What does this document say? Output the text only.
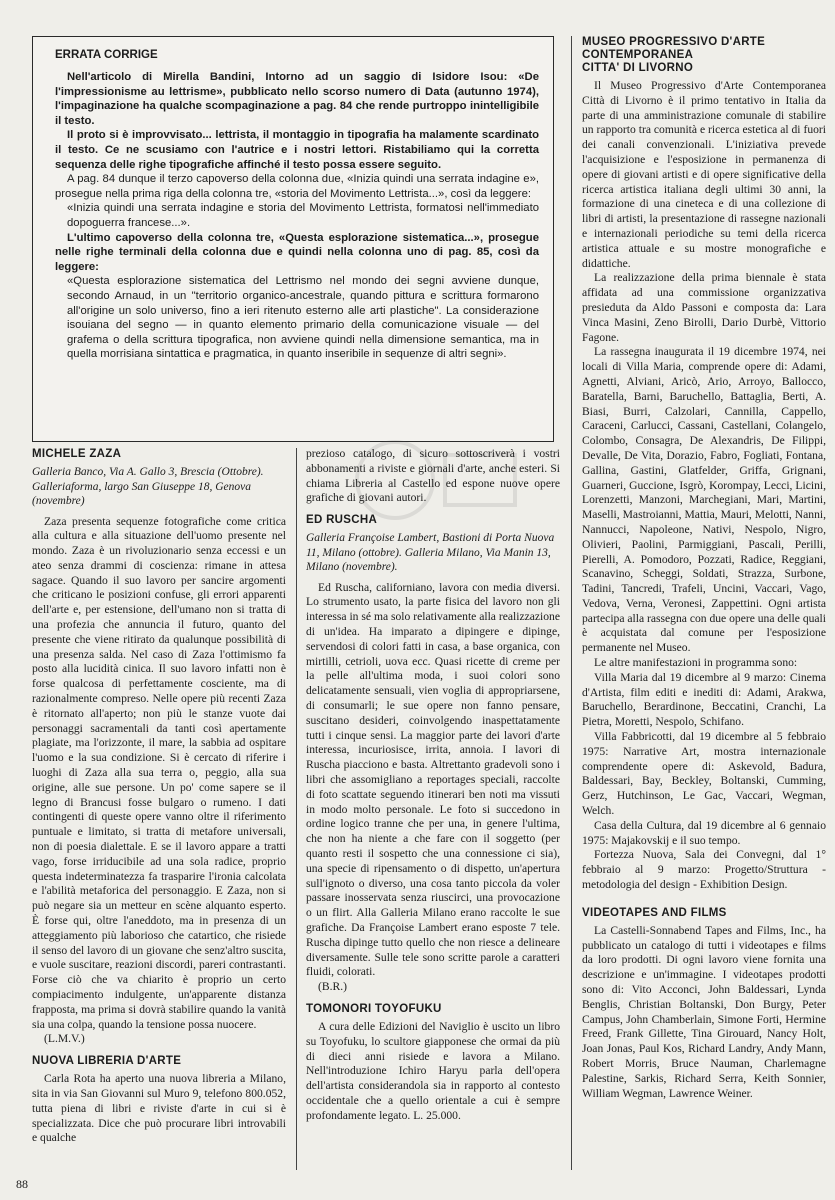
ERRATA CORRIGE

Nell'articolo di Mirella Bandini, Intorno ad un saggio di Isidore Isou: «De l'impressionisme au lettrisme», pubblicato nello scorso numero di Data (autunno 1974), l'impaginazione ha qualche scompaginazione a pag. 84 che rende purtroppo inintelligibile il testo.

Il proto si è improvvisato... lettrista, il montaggio in tipografia ha malamente scardinato il testo. Ce ne scusiamo con l'autrice e i nostri lettori. Ristabiliamo qui la corretta sequenza delle righe tipografiche affinché il testo possa essere seguito.

A pag. 84 dunque il terzo capoverso della colonna due, «Inizia quindi una serrata indagine e», prosegue nella prima riga della colonna tre, «storia del Movimento Lettrista...», così da leggere:

«Inizia quindi una serrata indagine e storia del Movimento Lettrista, formatosi nell'immediato dopoguerra francese...».

L'ultimo capoverso della colonna tre, «Questa esplorazione sistematica...», prosegue nelle righe terminali della colonna due e quindi nella colonna uno di pag. 85, così da leggere:

«Questa esplorazione sistematica del Lettrismo nel mondo dei segni avviene dunque, secondo Arnaud, in un "territorio organico-ancestrale, quando pittura e scrittura formarono all'origine un solo universo, fino a ieri ritenuto esterno alle arti plastiche". La considerazione isouiana del segno — in quanto elemento primario della comunicazione visuale — del grafema o della scrittura tipografica, non avviene quindi nella dimensione semantica, ma in quella morrisiana sintattica e pragmatica, in quanto inseribile in sequenze di altri segni».

MICHELE ZAZA

Galleria Banco, Via A. Gallo 3, Brescia (Ottobre). Galleriaforma, largo San Giuseppe 18, Genova (novembre)

Zaza presenta sequenze fotografiche come critica alla cultura e alla situazione dell'uomo presente nel mondo. Zaza è un rivoluzionario senza eccessi e un ateo senza drammi di coscienza: rimane in attesa sagace. Quando il suo lavoro per sancire argomenti che criticano le posizioni confuse, gli errori apparenti dell'arte e, per estensione, dell'umano non si tratta di una profezia che annuncia il futuro, quanto del presente che viene ritirato da qualunque possibilità di una presenza salda. Nel caso di Zaza l'ottimismo fa posto alla lucidità cinica. Il suo lavoro infatti non è forse qualcosa di perfettamente cosciente, ma di razionalmente compreso. Nelle opere più recenti Zaza è ritornato all'aperto; non più le stanze vuote dai personaggi sacramentali da tanti così apertamente plagiate, ma l'orizzonte, il mare, la sabbia ad ospitare l'uomo e la sua condizione. Si è cercato di riferire i luoghi di Zaza alla sua terra o, peggio, alla sua origine, alle sue persone. Un po' come sapere se il legno di Brancusi fosse bulgaro o rumeno. I dati contingenti di queste opere vanno oltre il riferimento puntuale e limitato, si tratta di metafore universali, non di poesia dialettale. E se il lavoro appare a tratti vago, forse irriducibile ad una sola radice, proprio questa indeterminatezza fa trasparire l'ironia calcolata e l'abilità metaforica del personaggio. E Zaza, non si può negare sia un metteur en scène alquanto esperto. È forse qui, oltre l'aneddoto, ma in presenza di un atteggiamento più laborioso che catartico, che risiede il senso del lavoro di un giovane che senz'altro suscita, e vuole suscitare, reazioni discordi, pareri contrastanti. Forse ciò che va chiarito è proprio un certo compiacimento indulgente, un'apparente distanza frapposta, ma prima si dovrà stabilire quando la vanità sia una colpa, quando la tensione possa nuocere.

(L.M.V.)

NUOVA LIBRERIA D'ARTE

Carla Rota ha aperto una nuova libreria a Milano, sita in via San Giovanni sul Muro 9, telefono 800.052, tutta piena di libri e riviste d'arte in cui si è specializzata. Dice che può procurare libri introvabili e qualche

prezioso catalogo, di sicuro sottoscriverà i vostri abbonamenti a riviste e giornali d'arte, anche esteri. Si chiama Libreria al Castello ed espone nuove opere grafiche di giovani autori.

ED RUSCHA

Galleria Françoise Lambert, Bastioni di Porta Nuova 11, Milano (ottobre). Galleria Milano, Via Manin 13, Milano (novembre).

Ed Ruscha, californiano, lavora con media diversi. Lo strumento usato, la parte fisica del lavoro non gli interessa in sé ma solo relativamente alla realizzazione di un'idea. Ha imparato a dipingere e dipinge, servendosi di colori fatti in casa, a base organica, con mirtilli, cetrioli, uova ecc. Quasi ricette di creme per la pelle all'ultima moda, i suoi colori sono delicatamente sensuali, vien voglia di appropriarsene, di consumarli; le sue opere non fanno pensare, suscitano desideri, coinvolgendo inaspettatamente tutti i cinque sensi. La maggior parte dei lavori d'arte interessa, incuriosisce, irrita, annoia. I lavori di Ruscha piacciono e basta. Altrettanto gradevoli sono i libri che assomigliano a reportages speciali, raccolte di foto scattate seguendo itinerari ben noti ma vissuti in modo molto personale. Le foto si succedono in ordine logico tranne che per una, in genere l'ultima, che non ha niente a che fare con il soggetto (per quanto resti il sospetto che una connessione ci sia), una specie di ripensamento o di dispetto, un'apertura sull'ignoto o diverso, una cosa tanto piccola da voler passare inosservata senza riuscirci, una provocazione o un flirt. Alla Galleria Milano erano raccolte le sue grafiche. Da Françoise Lambert erano esposte 7 tele. Ruscha dipinge tutto quello che non riesce a delineare diversamente. Sulle tele sono scritte parole a caratteri fluidi, colorati.

(B.R.)

TOMONORI TOYOFUKU

A cura delle Edizioni del Naviglio è uscito un libro su Toyofuku, lo scultore giapponese che ormai da più di dieci anni risiede e lavora a Milano. Nell'introduzione Ichiro Haryu parla dell'opera dell'artista considerandola sia in rapporto al contesto occidentale che a quello orientale a cui è sempre profondamente legato. L. 25.000.

MUSEO PROGRESSIVO D'ARTE
CONTEMPORANEA
CITTA' DI LIVORNO

Il Museo Progressivo d'Arte Contemporanea Città di Livorno è il primo tentativo in Italia da parte di una amministrazione comunale di stabilire un rapporto tra comunità e ricerca estetica al di fuori dei canali convenzionali. L'iniziativa prevede l'acquisizione e l'esposizione in permanenza di opere di giovani artisti e di opere significative della ricerca artistica italiana degli ultimi 30 anni, la formazione di una cineteca e di una collezione di libri di artisti, la presentazione di rassegne nazionali e internazionali periodiche su temi della ricerca artistica attuale e su mostre monografiche e didattiche.

La realizzazione della prima biennale è stata affidata ad una commissione organizzativa presieduta da Aldo Passoni e composta da: Lara Vinca Masini, Zeno Birolli, Dario Durbè, Vittorio Fagone.

La rassegna inaugurata il 19 dicembre 1974, nei locali di Villa Maria, comprende opere di: Adami, Agnetti, Alviani, Aricò, Ario, Arroyo, Ballocco, Baratella, Barni, Baruchello, Battaglia, Berti, A. Biasi, Burri, Calzolari, Cannilla, Cappello, Caraceni, Carlucci, Cassani, Castellani, Colangelo, Colombo, Consagra, De Alexandris, De Filippi, Devalle, De Vita, Dorazio, Fabro, Fogliati, Fontana, Gallina, Gastini, Glatfelder, Griffa, Grignani, Guarneri, Guccione, Isgrò, Korompay, Lecci, Licini, Lorenzetti, Manzoni, Marchegiani, Mari, Martini, Maselli, Mastroianni, Mattia, Mauri, Melotti, Nanni, Nannucci, Napoleone, Nativi, Nespolo, Nigro, Olivieri, Paolini, Parmiggiani, Pascali, Perilli, Pierelli, A. Pomodoro, Pozzati, Radice, Reggiani, Scanavino, Scheggi, Soldati, Strazza, Surbone, Tadini, Tancredi, Trafeli, Uncini, Vaccari, Vago, Vedova, Verna, Veronesi, Zappettini. Ogni artista partecipa alla rassegna con due opere una delle quali è acquistata dal comune per l'esposizione permanente nel Museo.

Le altre manifestazioni in programma sono:

Villa Maria dal 19 dicembre al 9 marzo: Cinema d'Artista, film editi e inediti di: Adami, Arakwa, Baruchello, Berardinone, Beccatini, Cranchi, La Pietra, Moretti, Nespolo, Schifano.

Villa Fabbricotti, dal 19 dicembre al 5 febbraio 1975: Narrative Art, mostra internazionale comprendente opere di: Askevold, Badura, Baldessari, Bay, Beckley, Boltanski, Cumming, Gerz, Hutchinson, Le Gac, Vaccari, Wegman, Welch.

Casa della Cultura, dal 19 dicembre al 6 gennaio 1975: Majakovskij e il suo tempo.

Fortezza Nuova, Sala dei Convegni, dal 1° febbraio al 9 marzo: Progetto/Struttura - metodologia del design - Exhibition Design.

VIDEOTAPES AND FILMS

La Castelli-Sonnabend Tapes and Films, Inc., ha pubblicato un catalogo di tutti i videotapes e films da loro prodotti. Di ogni lavoro viene fornita una descrizione e un'immagine. I videotapes prodotti sono di: Vito Acconci, John Baldessari, Lynda Benglis, Christian Boltanski, Don Burgy, Peter Campus, John Chamberlain, Simone Forti, Hermine Freed, Frank Gillette, Tina Girouard, Nancy Holt, Joan Jonas, Paul Kos, Richard Landry, Andy Mann, Robert Morris, Bruce Nauman, Charlemagne Palestine, Sarkis, Richard Serra, Keith Sonnier, William Wegman, Lawrence Weiner.

88
